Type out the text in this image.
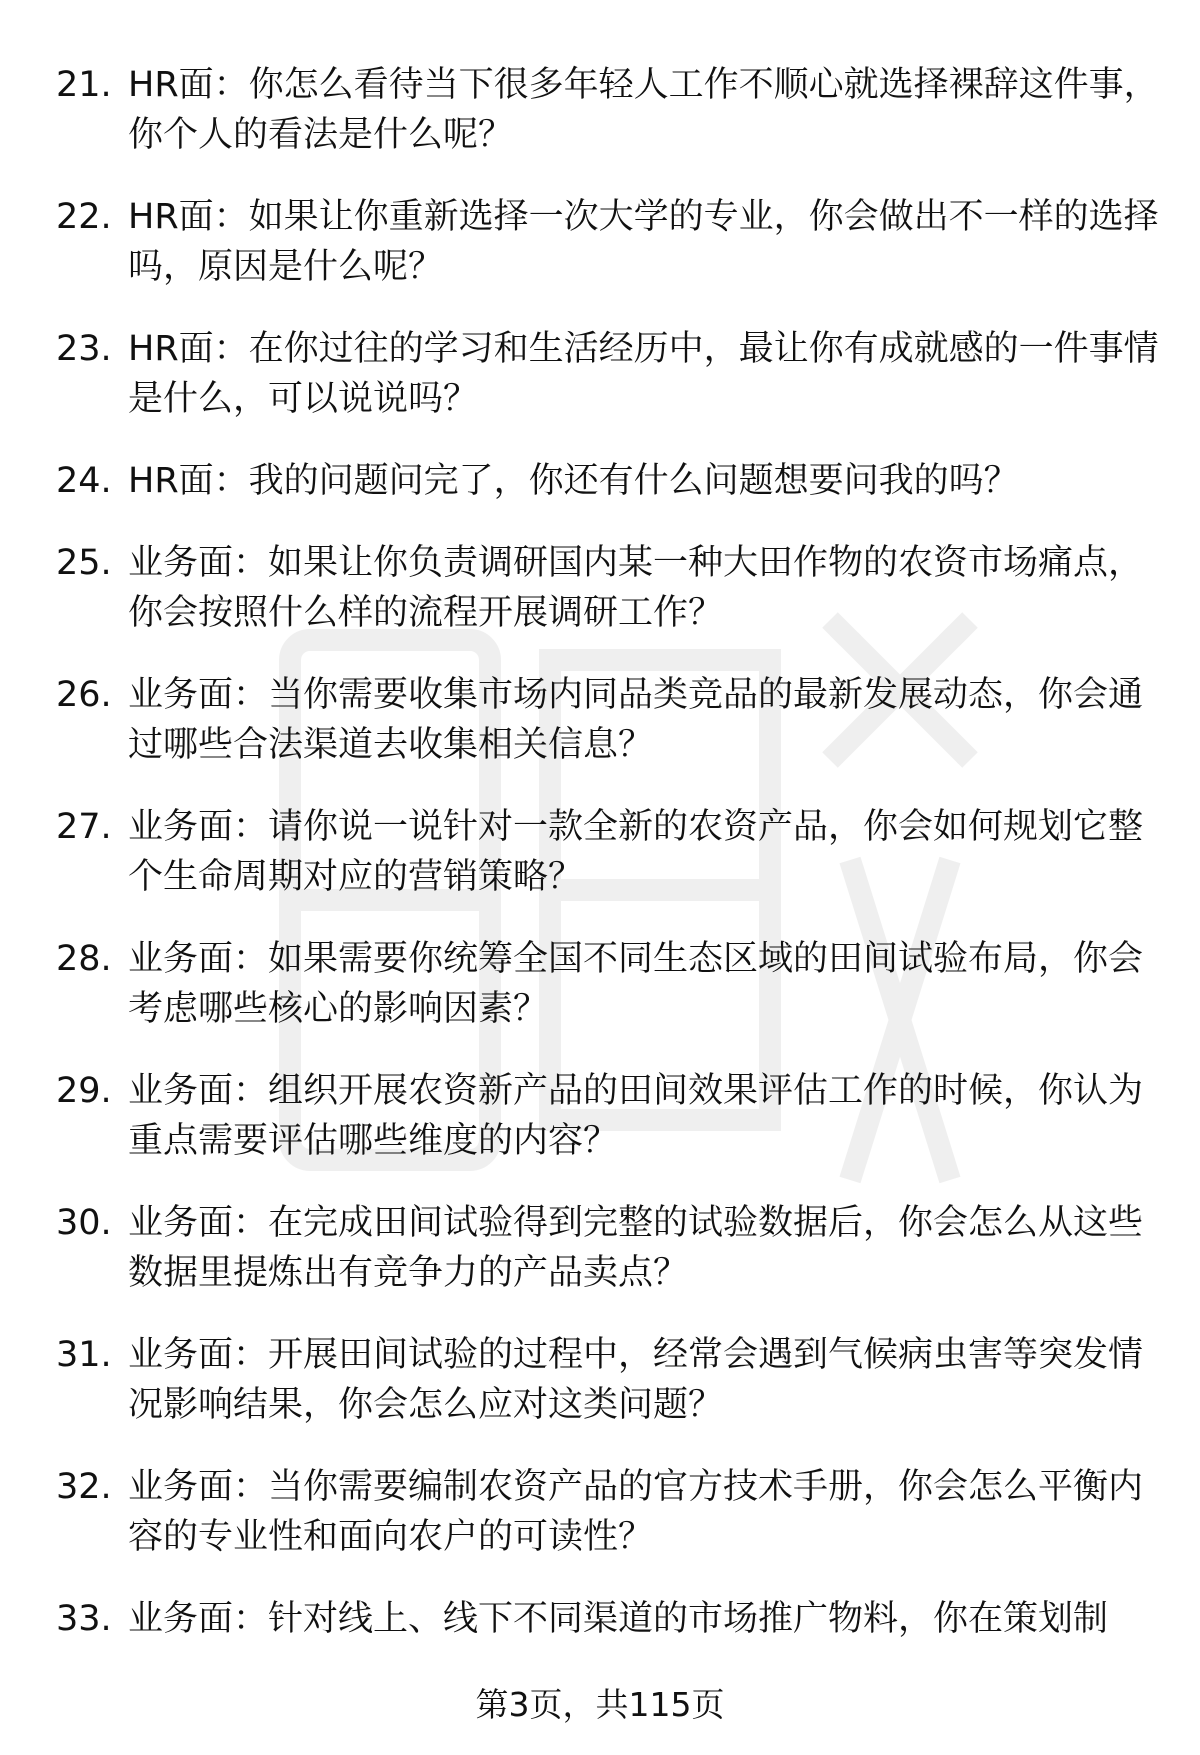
21. HR面：你怎么看待当下很多年轻人工作不顺心就选择裸辞这件事，你个人的看法是什么呢？
22. HR面：如果让你重新选择一次大学的专业，你会做出不一样的选择吗，原因是什么呢？
23. HR面：在你过往的学习和生活经历中，最让你有成就感的一件事情是什么，可以说说吗？
24. HR面：我的问题问完了，你还有什么问题想要问我的吗？
25. 业务面：如果让你负责调研国内某一种大田作物的农资市场痛点，你会按照什么样的流程开展调研工作？
26. 业务面：当你需要收集市场内同品类竞品的最新发展动态，你会通过哪些合法渠道去收集相关信息？
27. 业务面：请你说一说针对一款全新的农资产品，你会如何规划它整个生命周期对应的营销策略？
28. 业务面：如果需要你统筹全国不同生态区域的田间试验布局，你会考虑哪些核心的影响因素？
29. 业务面：组织开展农资新产品的田间效果评估工作的时候，你认为重点需要评估哪些维度的内容？
30. 业务面：在完成田间试验得到完整的试验数据后，你会怎么从这些数据里提炼出有竞争力的产品卖点？
31. 业务面：开展田间试验的过程中，经常会遇到气候病虫害等突发情况影响结果，你会怎么应对这类问题？
32. 业务面：当你需要编制农资产品的官方技术手册，你会怎么平衡内容的专业性和面向农户的可读性？
33. 业务面：针对线上、线下不同渠道的市场推广物料，你在策划制
第3页，共115页
